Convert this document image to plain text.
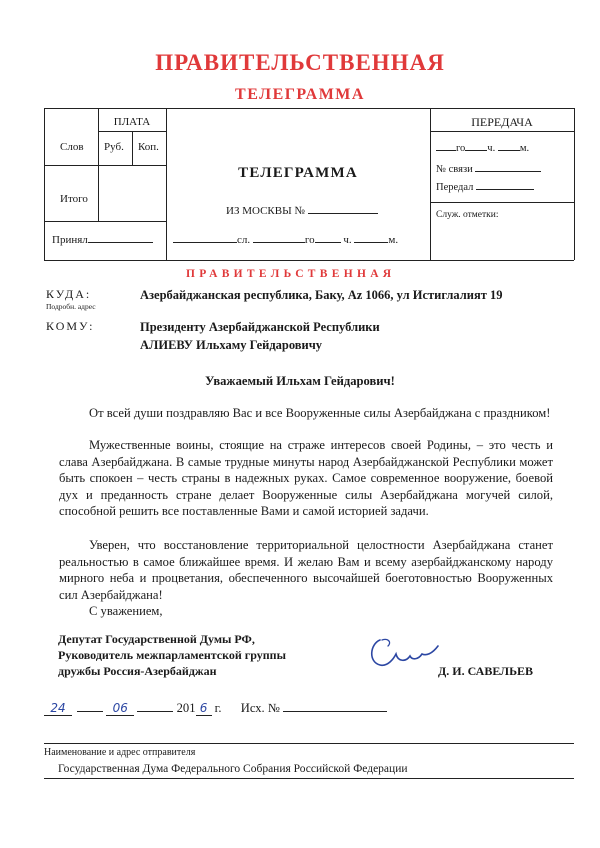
ПРАВИТЕЛЬСТВЕННАЯ
ТЕЛЕГРАММА
ПЛАТА
Слов Руб. Коп.
Итого
Принял
ТЕЛЕГРАММА
ИЗ МОСКВЫ №
сл.	го	ч.	м.
ПЕРЕДАЧА
го ч. м.
№ связи
Передал
Служ. отметки:
ПРАВИТЕЛЬСТВЕННАЯ
КУДА:
Подробн. адрес
Азербайджанская республика, Баку, Az 1066, ул Истиглалият 19
КОМУ:	Президенту Азербайджанской Республики
АЛИЕВУ Ильхаму Гейдаровичу
Уважаемый Ильхам Гейдарович!
От всей души поздравляю Вас и все Вооруженные силы Азербайджана с праздником!
Мужественные воины, стоящие на страже интересов своей Родины, – это честь и слава Азербайджана. В самые трудные минуты народ Азербайджанской Республики может быть спокоен – честь страны в надежных руках. Самое современное вооружение, боевой дух и преданность стране делает Вооруженные силы Азербайджана могучей силой, способной решить все поставленные Вами и самой историей задачи.
Уверен, что восстановление территориальной целостности Азербайджана станет реальностью в самое ближайшее время. И желаю Вам и всему азербайджанскому народу мирного неба и процветания, обеспеченного высочайшей боеготовностью Вооруженных сил Азербайджана!
С уважением,
Депутат Государственной Думы РФ,
Руководитель межпарламентской группы
дружбы Россия-Азербайджан	Д. И. САВЕЛЬЕВ
24	06	201 6 г. Исх. №
Наименование и адрес отправителя
Государственная Дума Федерального Собрания Российской Федерации
